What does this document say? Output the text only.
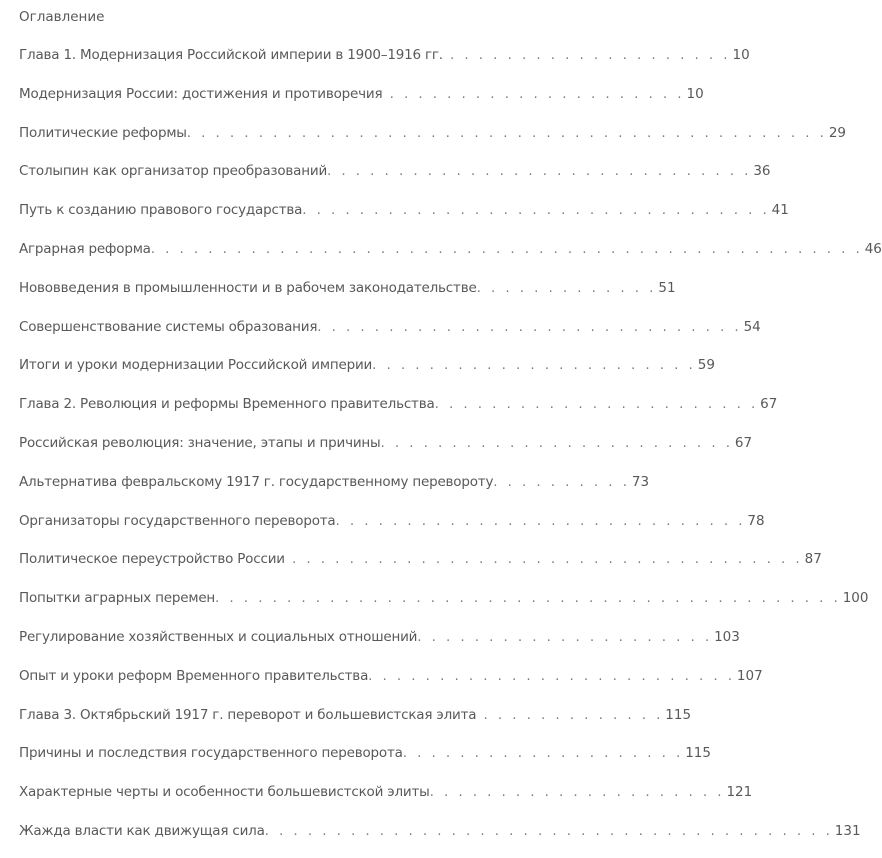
Оглавление
Глава 1. Модернизация Российской империи в 1900–1916 гг. . . . . . . . . . . . . . . . . . . . . 10
Модернизация России: достижения и противоречия . . . . . . . . . . . . . . . . . . . . . 10
Политические реформы. . . . . . . . . . . . . . . . . . . . . . . . . . . . . . . . . . . . . . . . . . . . . 29
Столыпин как организатор преобразований. . . . . . . . . . . . . . . . . . . . . . . . . . . . . . 36
Путь к созданию правового государства. . . . . . . . . . . . . . . . . . . . . . . . . . . . . . . . . 41
Аграрная реформа. . . . . . . . . . . . . . . . . . . . . . . . . . . . . . . . . . . . . . . . . . . . . . . . . . 46
Нововведения в промышленности и в рабочем законодательстве. . . . . . . . . . . . . 51
Совершенствование системы образования. . . . . . . . . . . . . . . . . . . . . . . . . . . . . . 54
Итоги и уроки модернизации Российской империи. . . . . . . . . . . . . . . . . . . . . . . 59
Глава 2. Революция и реформы Временного правительства. . . . . . . . . . . . . . . . . . . . . . . 67
Российская революция: значение, этапы и причины. . . . . . . . . . . . . . . . . . . . . . . . . 67
Альтернатива февральскому 1917 г. государственному перевороту. . . . . . . . . . 73
Организаторы государственного переворота. . . . . . . . . . . . . . . . . . . . . . . . . . . . . 78
Политическое переустройство России . . . . . . . . . . . . . . . . . . . . . . . . . . . . . . . . . . . . 87
Попытки аграрных перемен. . . . . . . . . . . . . . . . . . . . . . . . . . . . . . . . . . . . . . . . . . . . 100
Регулирование хозяйственных и социальных отношений. . . . . . . . . . . . . . . . . . . . . 103
Опыт и уроки реформ Временного правительства. . . . . . . . . . . . . . . . . . . . . . . . . . 107
Глава 3. Октябрьский 1917 г. переворот и большевистская элита . . . . . . . . . . . . . 115
Причины и последствия государственного переворота. . . . . . . . . . . . . . . . . . . . 115
Характерные черты и особенности большевистской элиты. . . . . . . . . . . . . . . . . . . . . 121
Жажда власти как движущая сила. . . . . . . . . . . . . . . . . . . . . . . . . . . . . . . . . . . . . . . . 131
